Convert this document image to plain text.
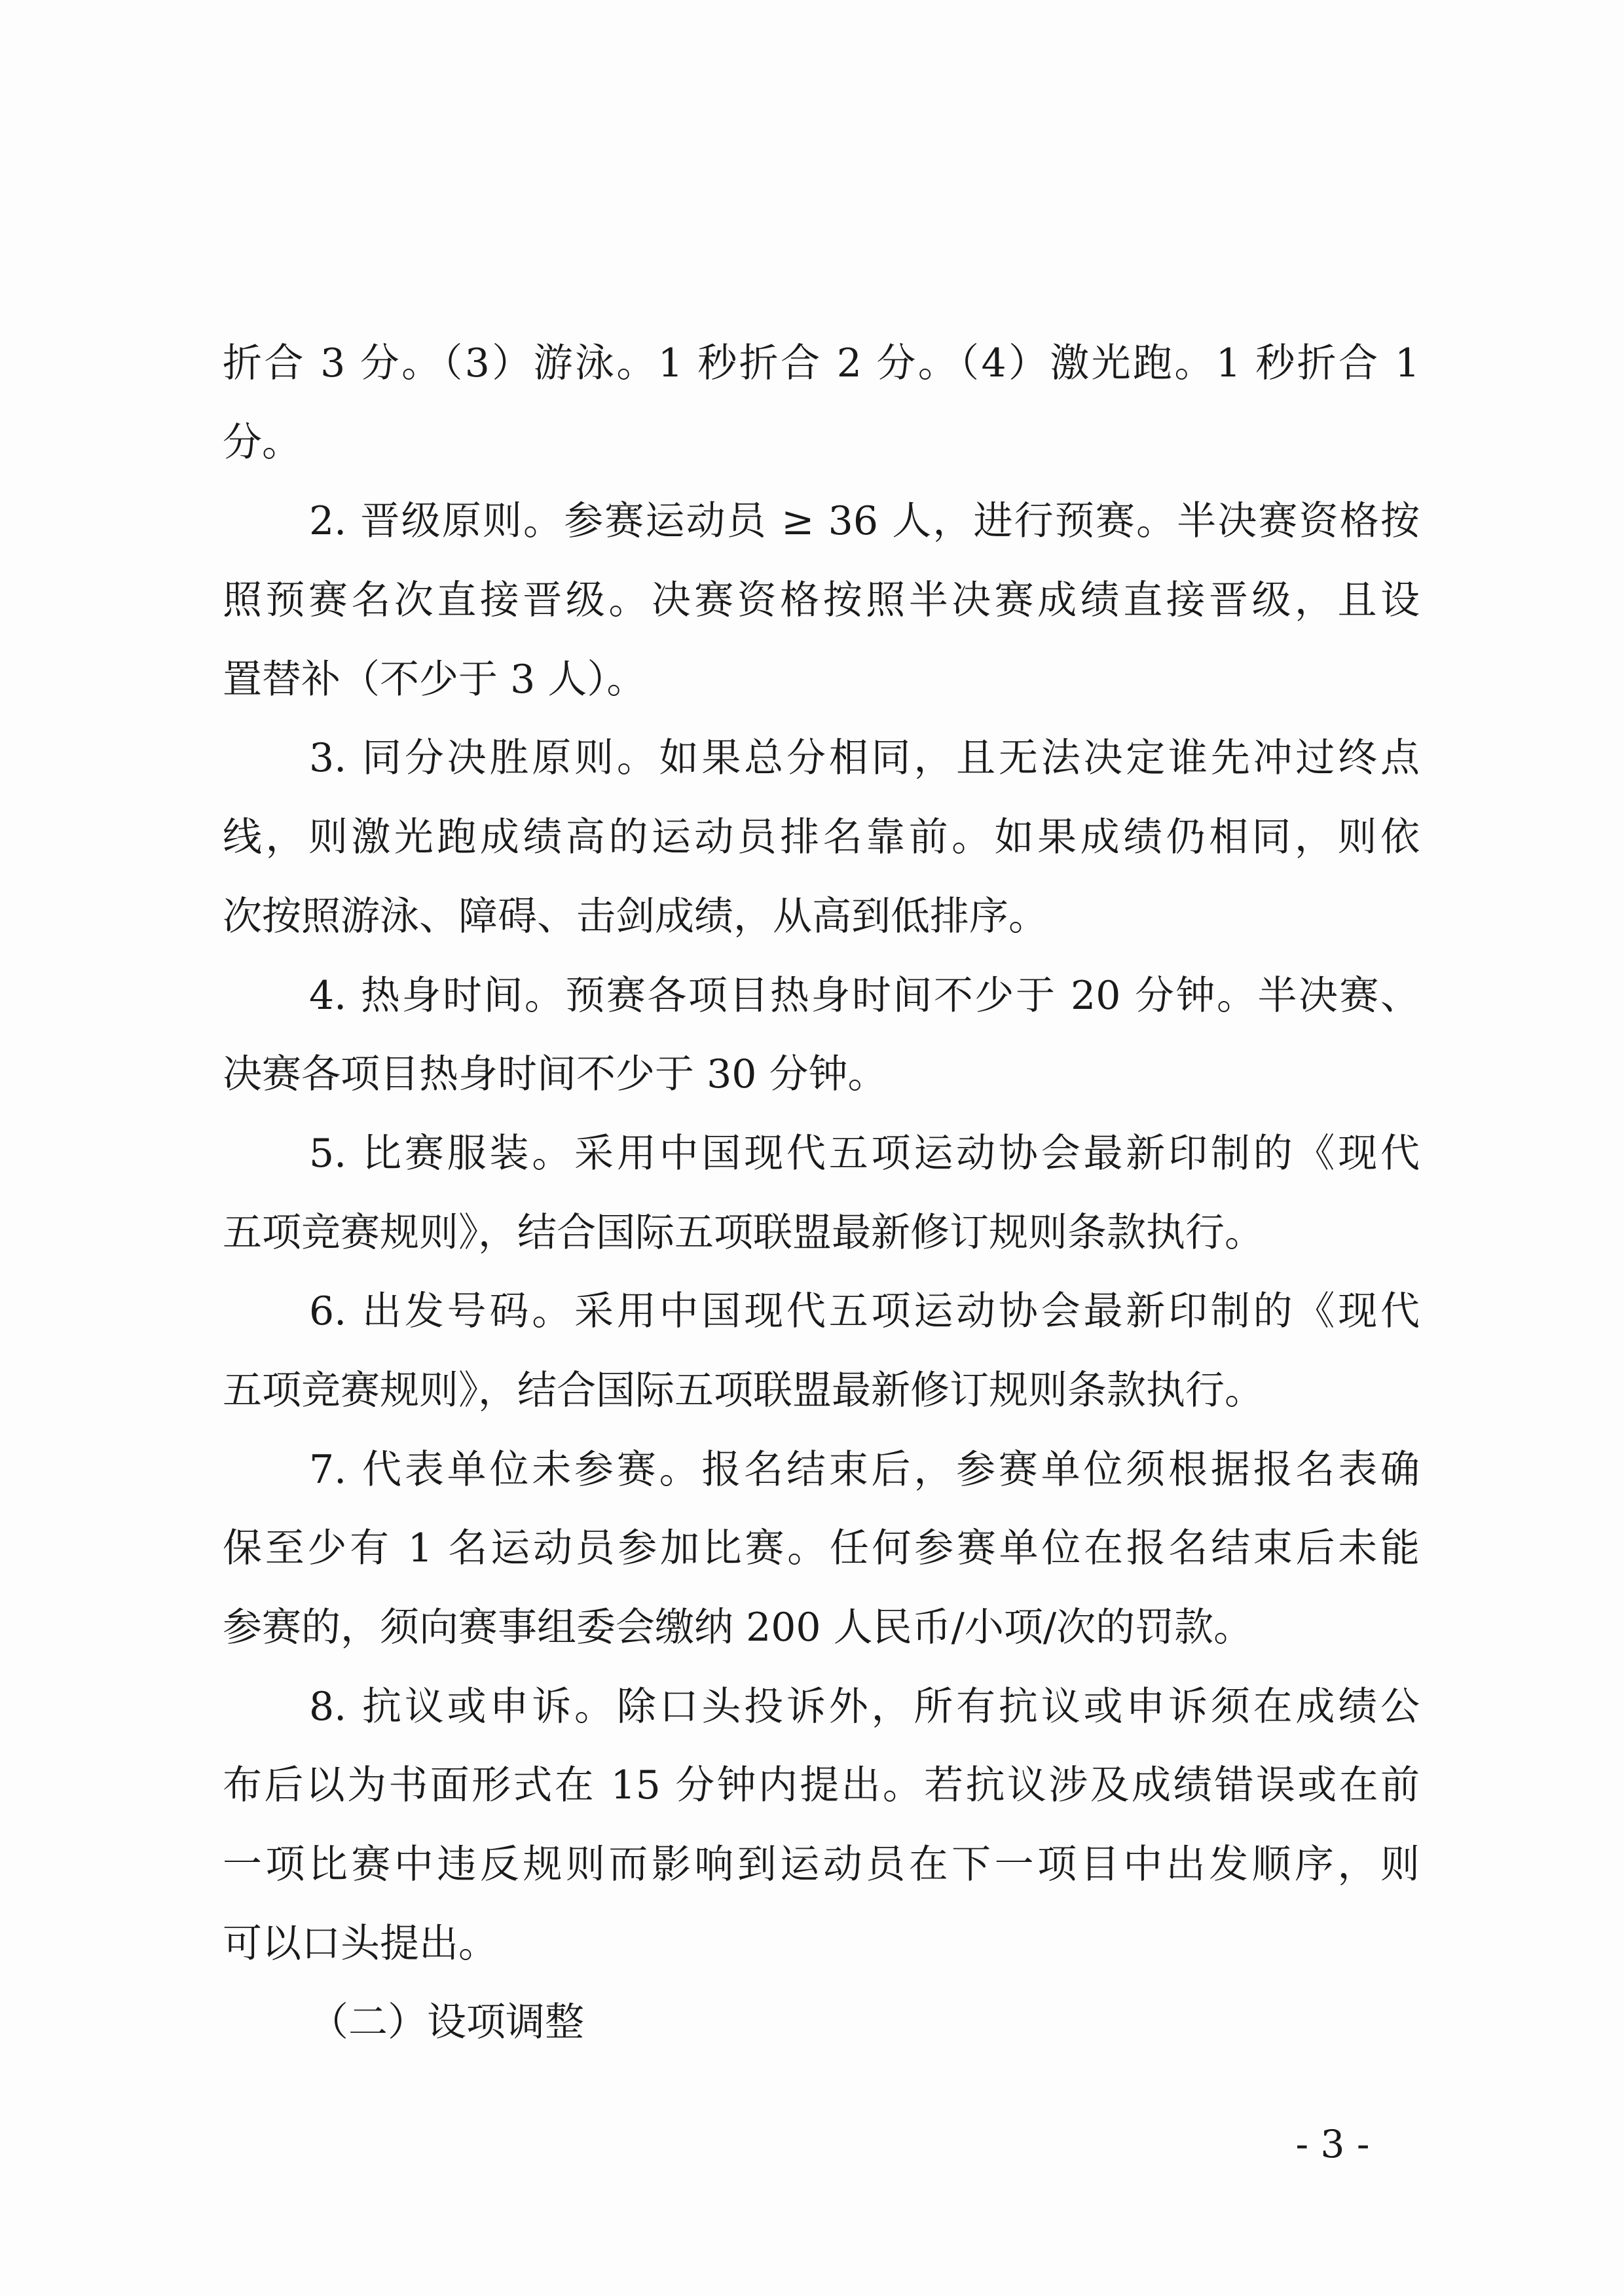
折合 3 分。（3）游泳。1 秒折合 2 分。（4）激光跑。1 秒折合 1
分。
2. 晋级原则。参赛运动员 ≥ 36 人，进行预赛。半决赛资格按
照预赛名次直接晋级。决赛资格按照半决赛成绩直接晋级，且设
置替补（不少于 3 人）。
3. 同分决胜原则。如果总分相同，且无法决定谁先冲过终点
线，则激光跑成绩高的运动员排名靠前。如果成绩仍相同，则依
次按照游泳、障碍、击剑成绩，从高到低排序。
4. 热身时间。预赛各项目热身时间不少于 20 分钟。半决赛、
决赛各项目热身时间不少于 30 分钟。
5. 比赛服装。采用中国现代五项运动协会最新印制的《现代
五项竞赛规则》，结合国际五项联盟最新修订规则条款执行。
6. 出发号码。采用中国现代五项运动协会最新印制的《现代
五项竞赛规则》，结合国际五项联盟最新修订规则条款执行。
7. 代表单位未参赛。报名结束后，参赛单位须根据报名表确
保至少有 1 名运动员参加比赛。任何参赛单位在报名结束后未能
参赛的，须向赛事组委会缴纳 200 人民币/小项/次的罚款。
8. 抗议或申诉。除口头投诉外，所有抗议或申诉须在成绩公
布后以为书面形式在 15 分钟内提出。若抗议涉及成绩错误或在前
一项比赛中违反规则而影响到运动员在下一项目中出发顺序，则
可以口头提出。
（二）设项调整
- 3 -
